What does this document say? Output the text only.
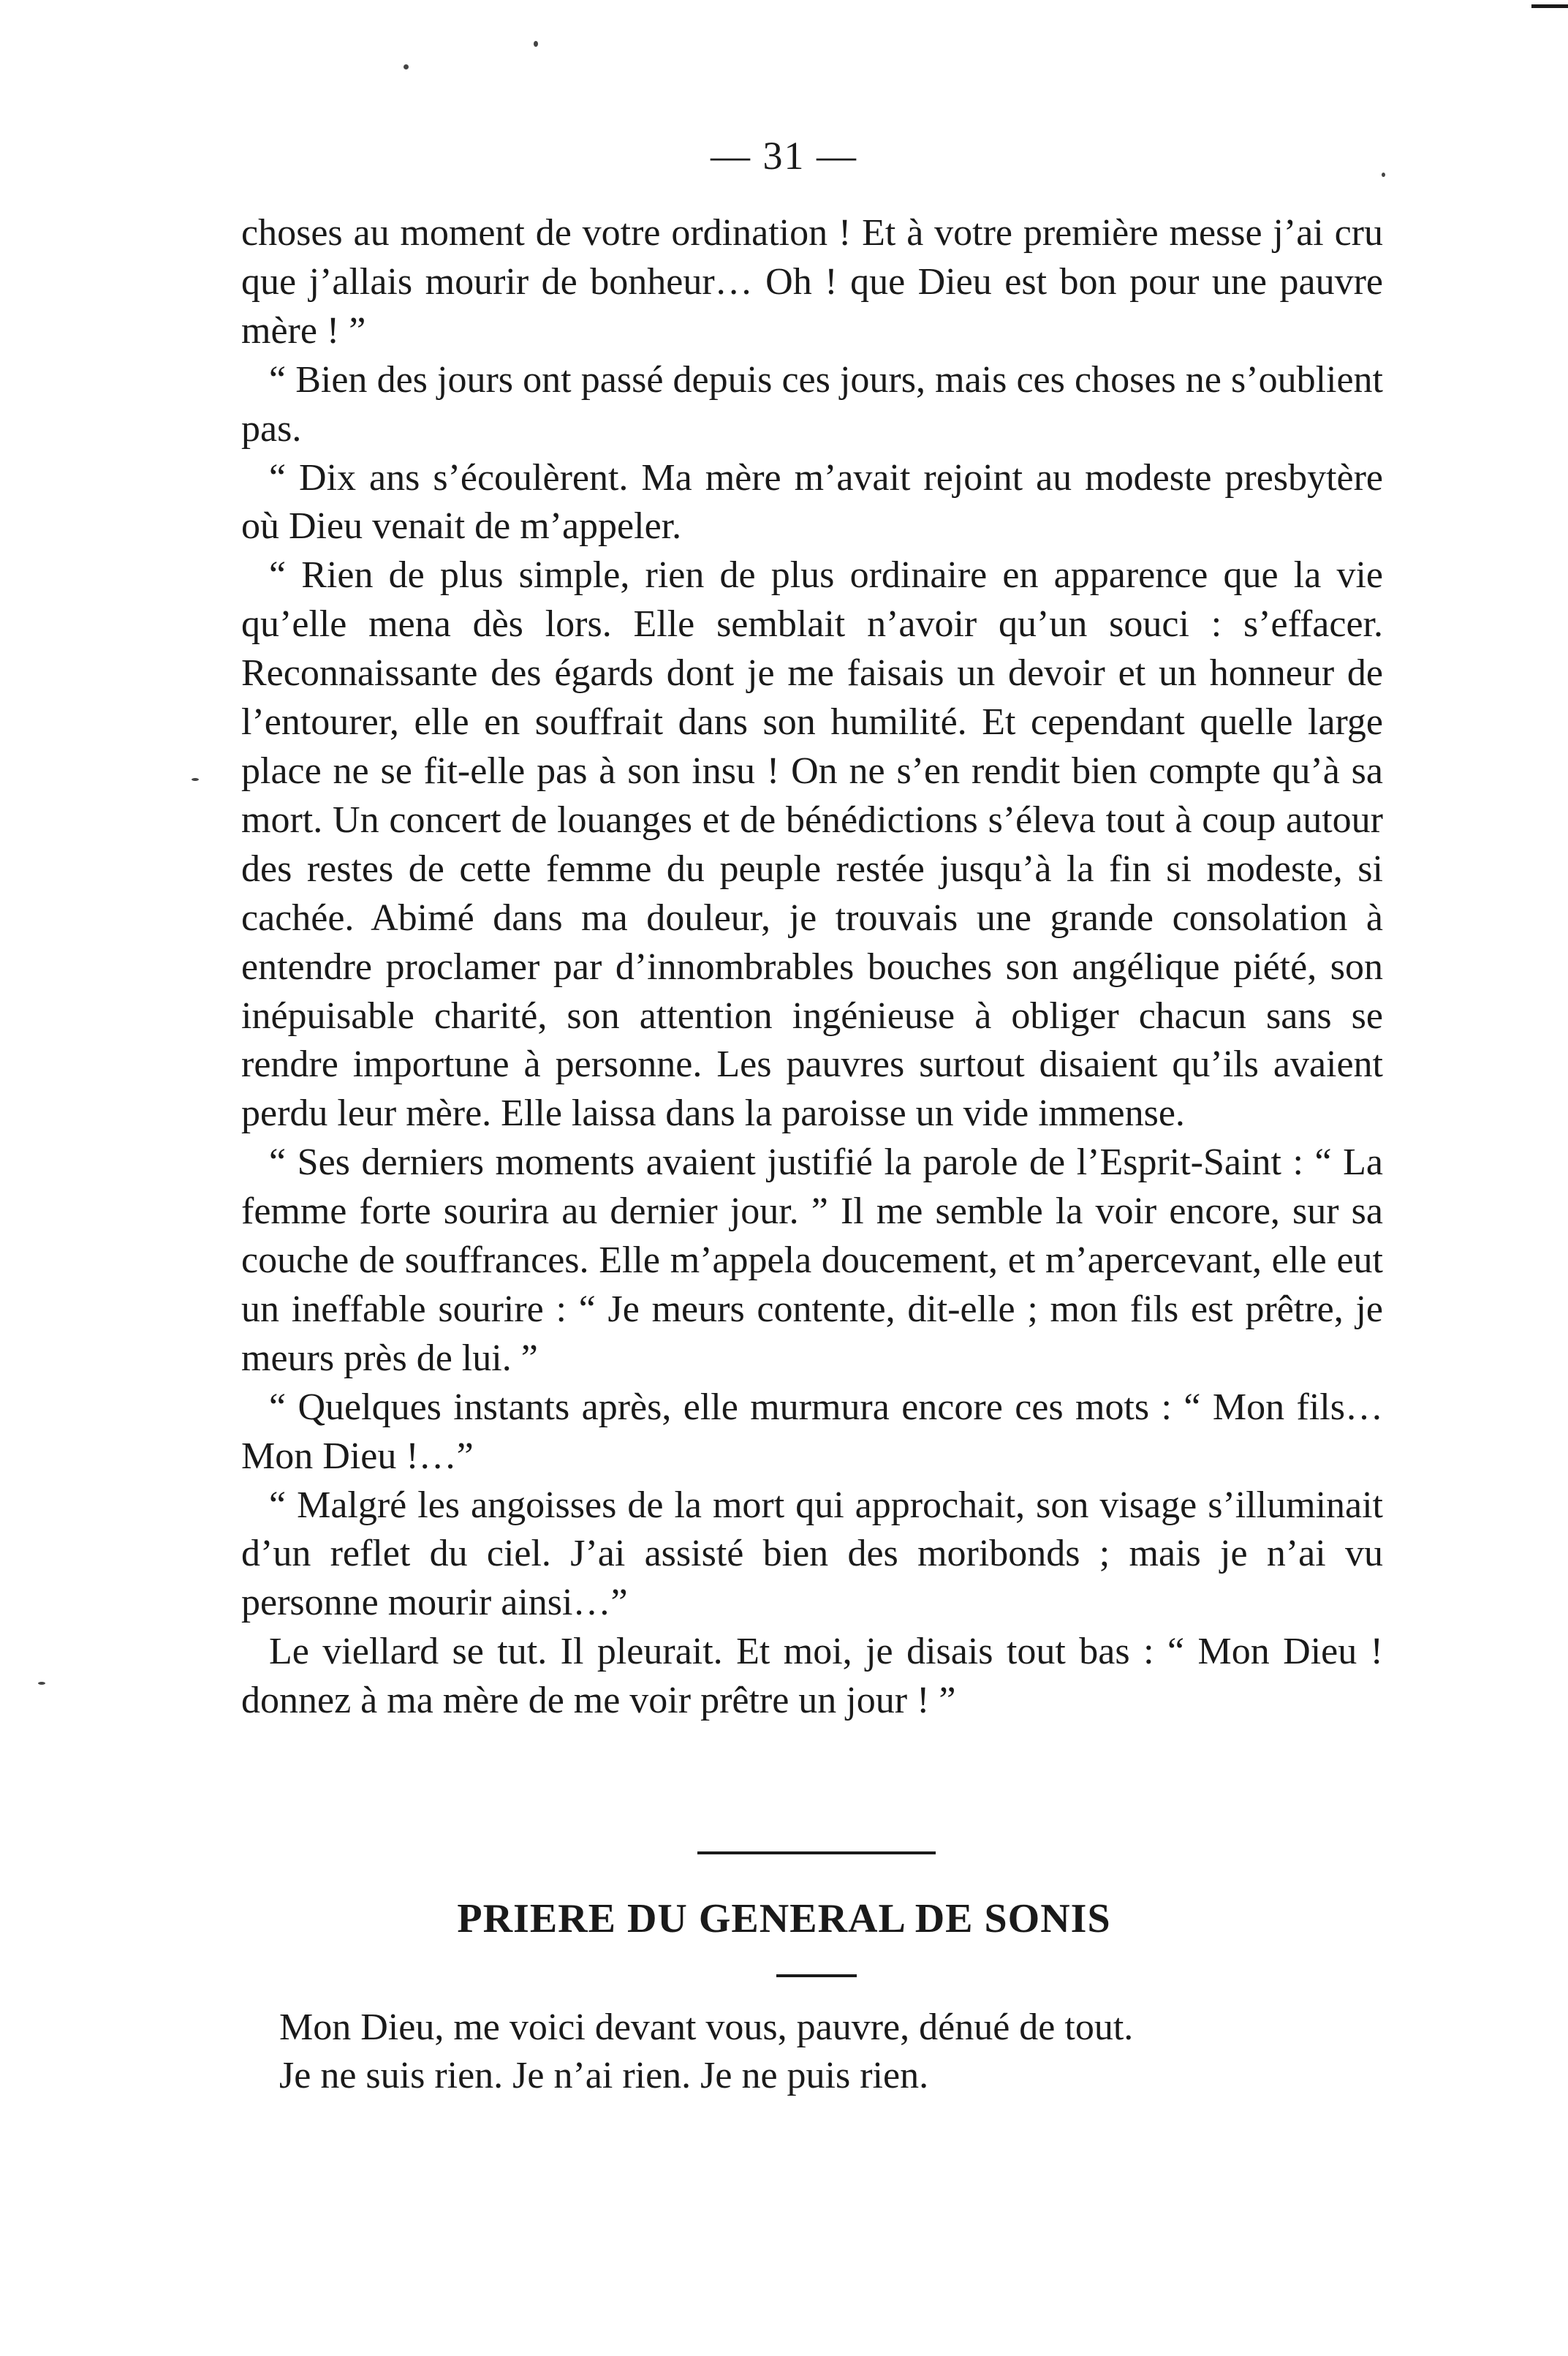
— 31 —

choses au moment de votre ordination ! Et à votre première messe j’ai cru que j’allais mourir de bonheur… Oh ! que Dieu est bon pour une pauvre mère ! ”

“ Bien des jours ont passé depuis ces jours, mais ces choses ne s’oublient pas.

“ Dix ans s’écoulèrent. Ma mère m’avait rejoint au modeste presbytère où Dieu venait de m’appeler.

“ Rien de plus simple, rien de plus ordinaire en apparence que la vie qu’elle mena dès lors. Elle semblait n’avoir qu’un souci : s’effacer. Reconnaissante des égards dont je me faisais un devoir et un honneur de l’entourer, elle en souffrait dans son humilité. Et cependant quelle large place ne se fit-elle pas à son insu ! On ne s’en rendit bien compte qu’à sa mort. Un concert de louanges et de bénédictions s’éleva tout à coup autour des restes de cette femme du peuple restée jusqu’à la fin si modeste, si cachée. Abimé dans ma douleur, je trouvais une grande consolation à entendre proclamer par d’innombrables bouches son angélique piété, son inépuisable charité, son attention ingénieuse à obliger chacun sans se rendre importune à personne. Les pauvres surtout disaient qu’ils avaient perdu leur mère. Elle laissa dans la paroisse un vide immense.

“ Ses derniers moments avaient justifié la parole de l’Esprit-Saint : “ La femme forte sourira au dernier jour. ” Il me semble la voir encore, sur sa couche de souffrances. Elle m’appela doucement, et m’apercevant, elle eut un ineffable sourire : “ Je meurs contente, dit-elle ; mon fils est prêtre, je meurs près de lui. ”

“ Quelques instants après, elle murmura encore ces mots : “ Mon fils… Mon Dieu !…”

“ Malgré les angoisses de la mort qui approchait, son visage s’illuminait d’un reflet du ciel. J’ai assisté bien des moribonds ; mais je n’ai vu personne mourir ainsi…”

Le viellard se tut. Il pleurait. Et moi, je disais tout bas : “ Mon Dieu ! donnez à ma mère de me voir prêtre un jour ! ”

PRIERE DU GENERAL DE SONIS

Mon Dieu, me voici devant vous, pauvre, dénué de tout.

Je ne suis rien. Je n’ai rien. Je ne puis rien.
